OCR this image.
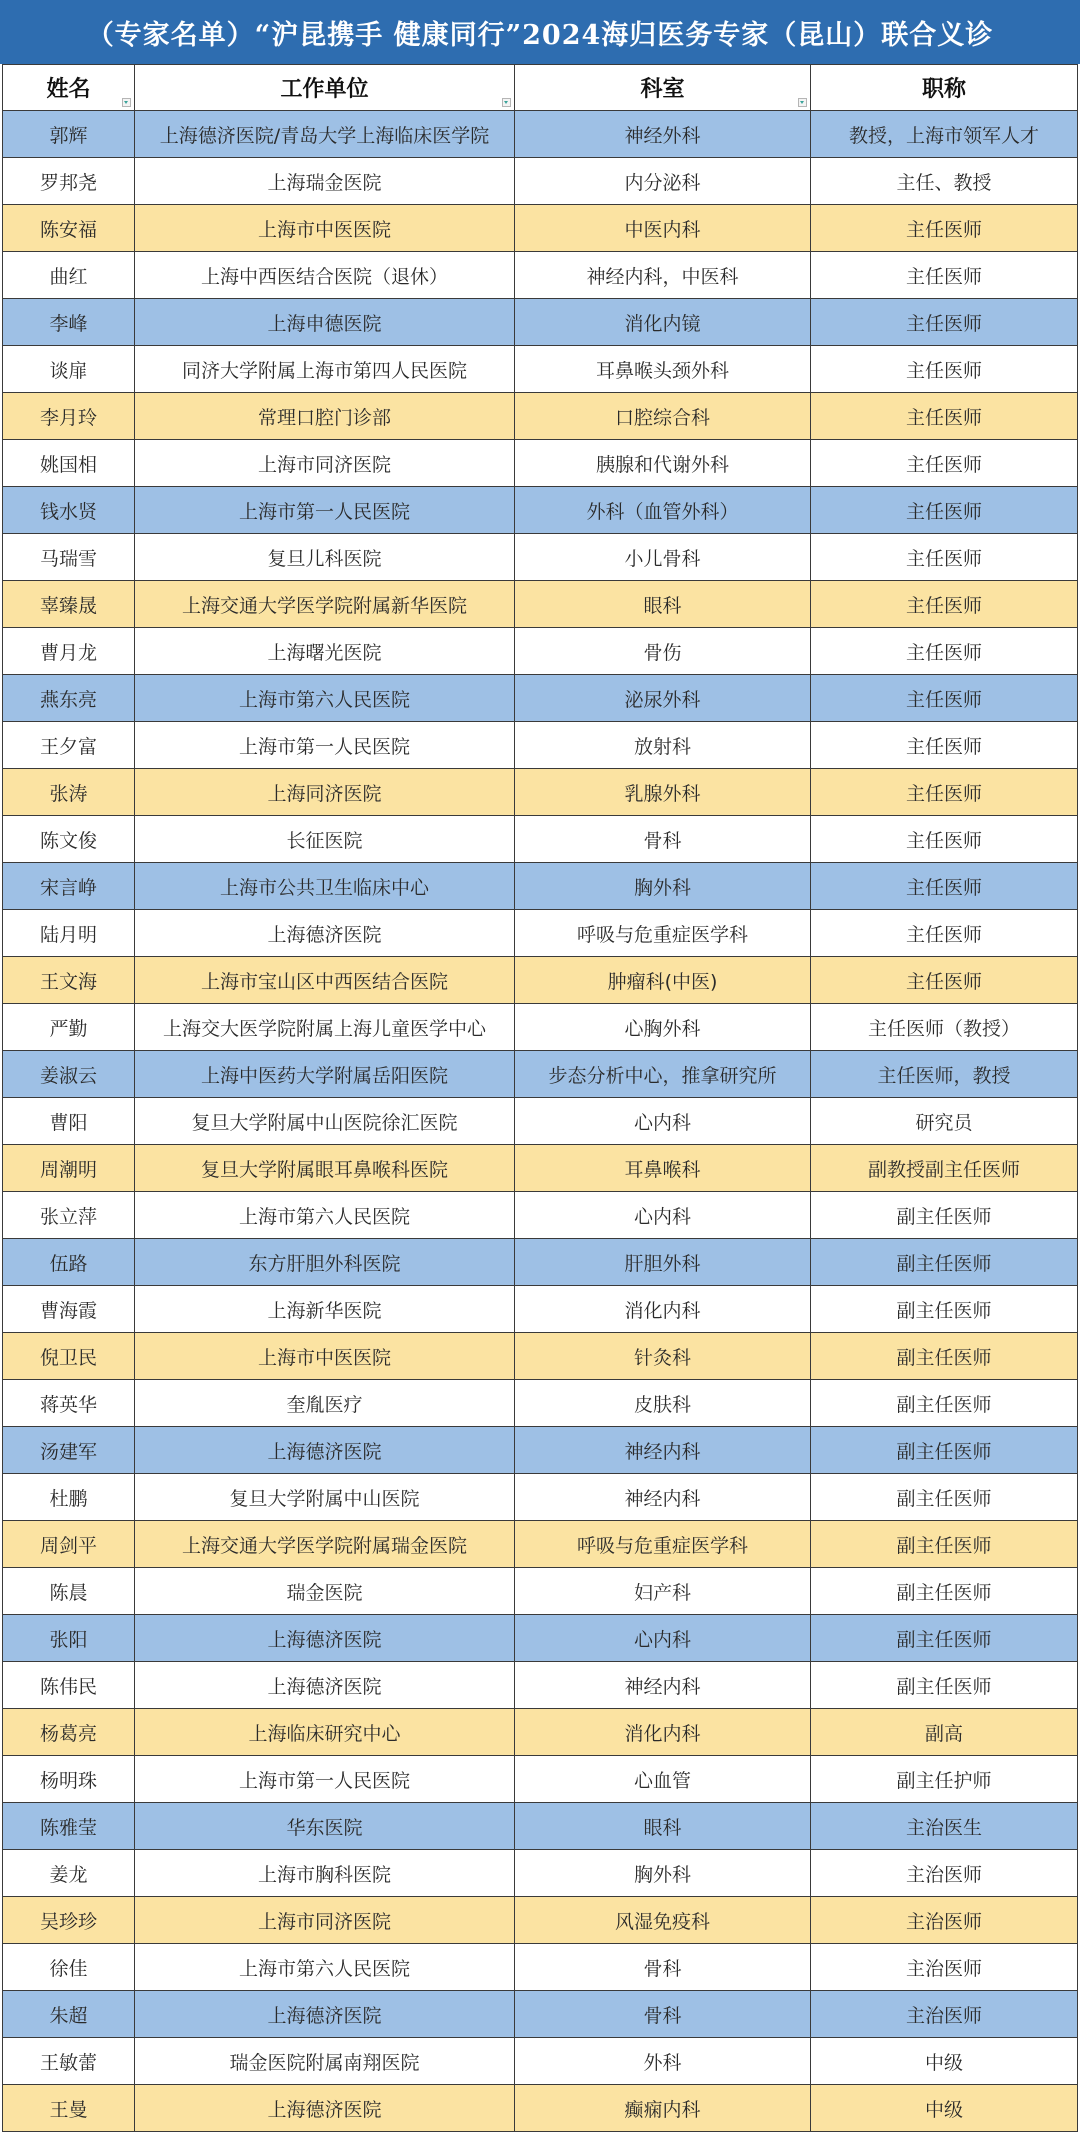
（专家名单）“沪昆携手 健康同行”2024海归医务专家（昆山）联合义诊
姓名	工作单位	科室	职称
郭辉	上海德济医院/青岛大学上海临床医学院	神经外科	教授，上海市领军人才
罗邦尧	上海瑞金医院	内分泌科	主任、教授
陈安福	上海市中医医院	中医内科	主任医师
曲红	上海中西医结合医院（退休）	神经内科，中医科	主任医师
李峰	上海申德医院	消化内镜	主任医师
谈扉	同济大学附属上海市第四人民医院	耳鼻喉头颈外科	主任医师
李月玲	常理口腔门诊部	口腔综合科	主任医师
姚国相	上海市同济医院	胰腺和代谢外科	主任医师
钱水贤	上海市第一人民医院	外科（血管外科）	主任医师
马瑞雪	复旦儿科医院	小儿骨科	主任医师
辜臻晟	上海交通大学医学院附属新华医院	眼科	主任医师
曹月龙	上海曙光医院	骨伤	主任医师
燕东亮	上海市第六人民医院	泌尿外科	主任医师
王夕富	上海市第一人民医院	放射科	主任医师
张涛	上海同济医院	乳腺外科	主任医师
陈文俊	长征医院	骨科	主任医师
宋言峥	上海市公共卫生临床中心	胸外科	主任医师
陆月明	上海德济医院	呼吸与危重症医学科	主任医师
王文海	上海市宝山区中西医结合医院	肿瘤科(中医)	主任医师
严勤	上海交大医学院附属上海儿童医学中心	心胸外科	主任医师（教授）
姜淑云	上海中医药大学附属岳阳医院	步态分析中心，推拿研究所	主任医师，教授
曹阳	复旦大学附属中山医院徐汇医院	心内科	研究员
周潮明	复旦大学附属眼耳鼻喉科医院	耳鼻喉科	副教授副主任医师
张立萍	上海市第六人民医院	心内科	副主任医师
伍路	东方肝胆外科医院	肝胆外科	副主任医师
曹海霞	上海新华医院	消化内科	副主任医师
倪卫民	上海市中医医院	针灸科	副主任医师
蒋英华	奎胤医疗	皮肤科	副主任医师
汤建军	上海德济医院	神经内科	副主任医师
杜鹏	复旦大学附属中山医院	神经内科	副主任医师
周剑平	上海交通大学医学院附属瑞金医院	呼吸与危重症医学科	副主任医师
陈晨	瑞金医院	妇产科	副主任医师
张阳	上海德济医院	心内科	副主任医师
陈伟民	上海德济医院	神经内科	副主任医师
杨葛亮	上海临床研究中心	消化内科	副高
杨明珠	上海市第一人民医院	心血管	副主任护师
陈雅莹	华东医院	眼科	主治医生
姜龙	上海市胸科医院	胸外科	主治医师
吴珍珍	上海市同济医院	风湿免疫科	主治医师
徐佳	上海市第六人民医院	骨科	主治医师
朱超	上海德济医院	骨科	主治医师
王敏蕾	瑞金医院附属南翔医院	外科	中级
王曼	上海德济医院	癫痫内科	中级
